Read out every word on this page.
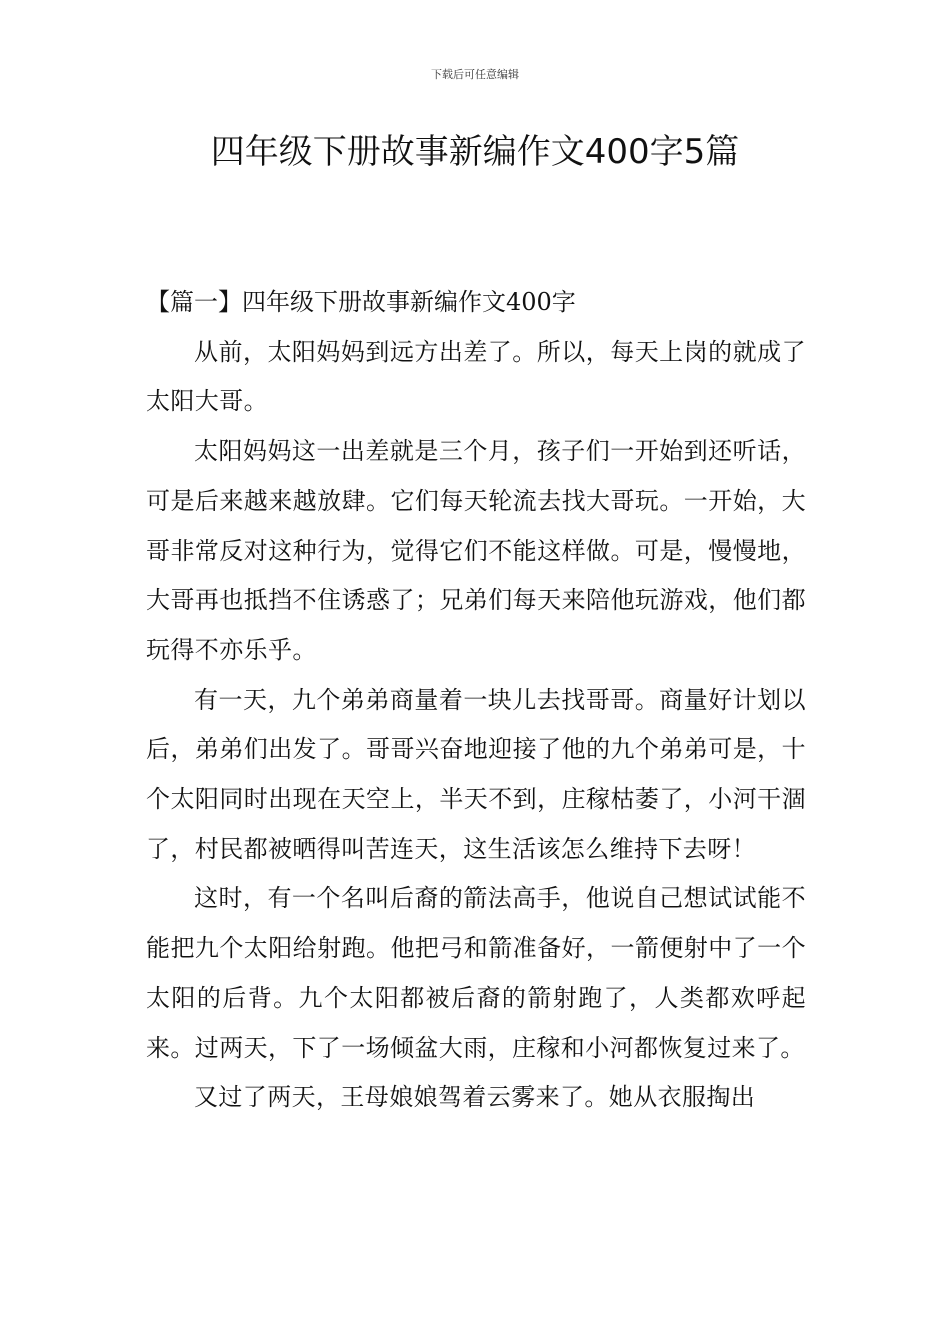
下载后可任意编辑
四年级下册故事新编作文400字5篇

【篇一】四年级下册故事新编作文400字

从前，太阳妈妈到远方出差了。所以，每天上岗的就成了太阳大哥。

太阳妈妈这一出差就是三个月，孩子们一开始到还听话，可是后来越来越放肆。它们每天轮流去找大哥玩。一开始，大哥非常反对这种行为，觉得它们不能这样做。可是，慢慢地，大哥再也抵挡不住诱惑了；兄弟们每天来陪他玩游戏，他们都玩得不亦乐乎。

有一天，九个弟弟商量着一块儿去找哥哥。商量好计划以后，弟弟们出发了。哥哥兴奋地迎接了他的九个弟弟可是，十个太阳同时出现在天空上，半天不到，庄稼枯萎了，小河干涸了，村民都被晒得叫苦连天，这生活该怎么维持下去呀！

这时，有一个名叫后裔的箭法高手，他说自己想试试能不能把九个太阳给射跑。他把弓和箭准备好，一箭便射中了一个太阳的后背。九个太阳都被后裔的箭射跑了，人类都欢呼起来。过两天，下了一场倾盆大雨，庄稼和小河都恢复过来了。

又过了两天，王母娘娘驾着云雾来了。她从衣服掏出
